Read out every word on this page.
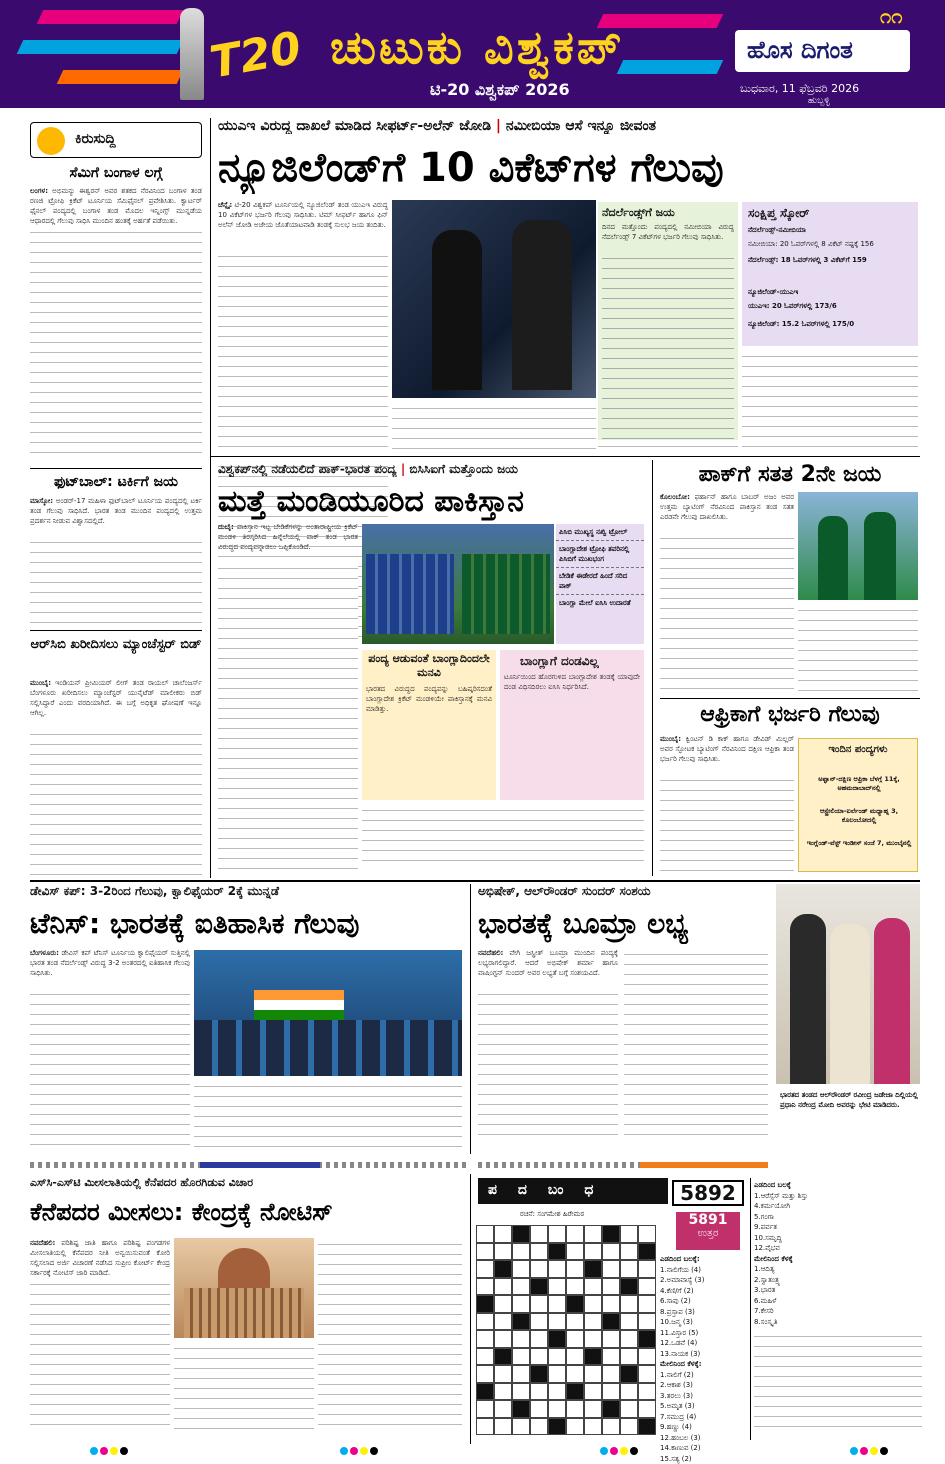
T20 ಚುಟುಕು ವಿಶ್ವಕಪ್
ಟಿ-20 ವಿಶ್ವಕಪ್ 2026
೧೧
ಹೊಸ ದಿಗಂತ
ಬುಧವಾರ, 11 ಫೆಬ್ರವರಿ 2026
ಹುಬ್ಬಳ್ಳಿ
ಕಿರುಸುದ್ದಿ
ಸೆಮಿಗೆ ಬಂಗಾಳ ಲಗ್ಗೆ
ಲಂಗಳ: ಅಭಿಮನ್ಯು ಈಶ್ವರನ್ ಅವರ ಶತಕದ ನೆರವಿನಿಂದ ಬಂಗಾಳ ತಂಡ ರಣಜಿ ಟ್ರೋಫಿ ಕ್ರಿಕೆಟ್ ಟೂರ್ನಿಯ ಸೆಮಿಫೈನಲ್ ಪ್ರವೇಶಿಸಿತು. ಕ್ವಾರ್ಟರ್ ಫೈನಲ್ ಪಂದ್ಯದಲ್ಲಿ ಬಂಗಾಳ ತಂಡ ಮೊದಲ ಇನ್ನಿಂಗ್ಸ್ ಮುನ್ನಡೆಯ ಆಧಾರದಲ್ಲಿ ಗೆಲುವು ಸಾಧಿಸಿ ಮುಂದಿನ ಹಂತಕ್ಕೆ ಅರ್ಹತೆ ಪಡೆಯಿತು.
ಫುಟ್‌ಬಾಲ್: ಟರ್ಕಿಗೆ ಜಯ
ಮಾಸ್ಕೋ: ಅಂಡರ್-17 ಮಹಿಳಾ ಫುಟ್‌ಬಾಲ್ ಟೂರ್ನಿಯ ಪಂದ್ಯದಲ್ಲಿ ಟರ್ಕಿ ತಂಡ ಗೆಲುವು ಸಾಧಿಸಿದೆ. ಭಾರತ ತಂಡ ಮುಂದಿನ ಪಂದ್ಯದಲ್ಲಿ ಉತ್ತಮ ಪ್ರದರ್ಶನ ನೀಡುವ ವಿಶ್ವಾಸದಲ್ಲಿದೆ.
ಆರ್‌ಸಿಬಿ ಖರೀದಿಸಲು ಮ್ಯಾಂಚೆಸ್ಟರ್ ಬಿಡ್
ಮುಂಬೈ: ಇಂಡಿಯನ್ ಪ್ರೀಮಿಯರ್ ಲೀಗ್ ತಂಡ ರಾಯಲ್ ಚಾಲೆಂಜರ್ಸ್ ಬೆಂಗಳೂರು ಖರೀದಿಸಲು ಮ್ಯಾಂಚೆಸ್ಟರ್ ಯುನೈಟೆಡ್ ಮಾಲೀಕರು ಬಿಡ್ ಸಲ್ಲಿಸಿದ್ದಾರೆ ಎಂದು ವರದಿಯಾಗಿದೆ. ಈ ಬಗ್ಗೆ ಅಧಿಕೃತ ಘೋಷಣೆ ಇನ್ನೂ ಆಗಿಲ್ಲ.
ಯುಎಇ ವಿರುದ್ಧ ದಾಖಲೆ ಮಾಡಿದ ಸೀಫರ್ಟ್-ಅಲೆನ್ ಜೋಡಿ | ನಮೀಬಿಯಾ ಆಸೆ ಇನ್ನೂ ಜೀವಂತ
ನ್ಯೂಜಿಲೆಂಡ್‌ಗೆ 10 ವಿಕೆಟ್‌ಗಳ ಗೆಲುವು
ಚೆನ್ನೈ: ಟಿ-20 ವಿಶ್ವಕಪ್ ಟೂರ್ನಿಯಲ್ಲಿ ನ್ಯೂಜಿಲೆಂಡ್ ತಂಡ ಯುಎಇ ವಿರುದ್ಧ 10 ವಿಕೆಟ್‌ಗಳ ಭರ್ಜರಿ ಗೆಲುವು ಸಾಧಿಸಿತು. ಟಿಮ್ ಸೀಫರ್ಟ್ ಹಾಗೂ ಫಿನ್ ಅಲೆನ್ ಜೋಡಿ ಅಜೇಯ ಜೊತೆಯಾಟವಾಡಿ ತಂಡಕ್ಕೆ ಸುಲಭ ಜಯ ತಂದಿತು.
ನೆದರ್ಲೆಂಡ್ಸ್‌ಗೆ ಜಯ
ದಿನದ ಮತ್ತೊಂದು ಪಂದ್ಯದಲ್ಲಿ ನಮೀಬಿಯಾ ವಿರುದ್ಧ ನೆದರ್ಲೆಂಡ್ಸ್ 7 ವಿಕೆಟ್‌ಗಳ ಭರ್ಜರಿ ಗೆಲುವು ಸಾಧಿಸಿತು.
ಸಂಕ್ಷಿಪ್ತ ಸ್ಕೋರ್
ನೆದರ್ಲೆಂಡ್ಸ್-ನಮೀಬಿಯಾ
ನಮೀಬಿಯಾ: 20 ಓವರ್‌ಗಳಲ್ಲಿ 8 ವಿಕೆಟ್ ನಷ್ಟಕ್ಕೆ 156
ನೆದರ್ಲೆಂಡ್ಸ್: 18 ಓವರ್‌ಗಳಲ್ಲಿ 3 ವಿಕೆಟ್‌ಗೆ 159
ನ್ಯೂಜಿಲೆಂಡ್-ಯುಎಇ
ಯುಎಇ: 20 ಓವರ್‌ಗಳಲ್ಲಿ 173/6
ನ್ಯೂಜಿಲೆಂಡ್: 15.2 ಓವರ್‌ಗಳಲ್ಲಿ 175/0
ವಿಶ್ವಕಪ್‌ನಲ್ಲಿ ನಡೆಯಲಿದೆ ಪಾಕ್-ಭಾರತ ಪಂದ್ಯ | ಬಿಸಿಸಿಐಗೆ ಮತ್ತೊಂದು ಜಯ
ಮತ್ತೆ ಮಂಡಿಯೂರಿದ ಪಾಕಿಸ್ತಾನ
ದುಬೈ: ಪಾಕಿಸ್ತಾನ ಇಟ್ಟ ಬೇಡಿಕೆಗಳನ್ನು ಅಂತಾರಾಷ್ಟ್ರೀಯ ಕ್ರಿಕೆಟ್ ಮಂಡಳಿ ತಿರಸ್ಕರಿಸಿದ ಹಿನ್ನೆಲೆಯಲ್ಲಿ ಪಾಕ್ ತಂಡ ಭಾರತ ವಿರುದ್ಧದ ಪಂದ್ಯವನ್ನಾಡಲು ಒಪ್ಪಿಕೊಂಡಿದೆ.
ಪಿಸಿಬಿ ಮುಖ್ಯಸ್ಥ ನಖ್ವಿ ಟ್ರೋಲ್
ಬಾಂಗ್ಲಾದೇಶ ಟ್ರೋಫಿ ತವರಿನಲ್ಲಿ ಪಿಸಿಬಿಗೆ ಮುಖಭಂಗ
ಬೇಡಿಕೆ ಈಡೇರದೆ ಹಿಂದೆ ಸರಿದ ಪಾಕ್
ಬಾಂಗ್ಲಾ ಮೇಲೆ ಐಸಿಸಿ ಉದಾರತೆ
ಪಂದ್ಯ ಆಡುವಂತೆ ಬಾಂಗ್ಲಾದಿಂದಲೇ ಮನವಿ
ಭಾರತದ ವಿರುದ್ಧದ ಪಂದ್ಯವನ್ನು ಬಹಿಷ್ಕರಿಸದಂತೆ ಬಾಂಗ್ಲಾದೇಶ ಕ್ರಿಕೆಟ್ ಮಂಡಳಿಯೇ ಪಾಕಿಸ್ತಾನಕ್ಕೆ ಮನವಿ ಮಾಡಿತ್ತು.
ಬಾಂಗ್ಲಾಗೆ ದಂಡವಿಲ್ಲ
ಟೂರ್ನಿಯಿಂದ ಹೊರಗುಳಿದ ಬಾಂಗ್ಲಾದೇಶ ತಂಡಕ್ಕೆ ಯಾವುದೇ ದಂಡ ವಿಧಿಸದಿರಲು ಐಸಿಸಿ ನಿರ್ಧರಿಸಿದೆ.
ಪಾಕ್‌ಗೆ ಸತತ 2ನೇ ಜಯ
ಕೊಲಂಬೋ: ಫರ್ಹಾನ್ ಹಾಗೂ ಬಾಬರ್ ಅಜಂ ಅವರ ಉತ್ತಮ ಬ್ಯಾಟಿಂಗ್ ನೆರವಿನಿಂದ ಪಾಕಿಸ್ತಾನ ತಂಡ ಸತತ ಎರಡನೇ ಗೆಲುವು ದಾಖಲಿಸಿತು.
ಆಫ್ರಿಕಾಗೆ ಭರ್ಜರಿ ಗೆಲುವು
ಮುಂಬೈ: ಕ್ವಿಂಟನ್ ಡಿ ಕಾಕ್ ಹಾಗೂ ಡೇವಿಡ್ ಮಿಲ್ಲರ್ ಅವರ ಸ್ಫೋಟಕ ಬ್ಯಾಟಿಂಗ್ ನೆರವಿನಿಂದ ದಕ್ಷಿಣ ಆಫ್ರಿಕಾ ತಂಡ ಭರ್ಜರಿ ಗೆಲುವು ಸಾಧಿಸಿತು.
ಇಂದಿನ ಪಂದ್ಯಗಳು
ಅಫ್ಘಾನ್-ದಕ್ಷಿಣ ಆಫ್ರಿಕಾ ಬೆಳಗ್ಗೆ 11ಕ್ಕೆ, ಅಹಮದಾಬಾದ್‌ನಲ್ಲಿ
ಆಸ್ಟ್ರೇಲಿಯಾ-ಐರ್ಲೆಂಡ್ ಮಧ್ಯಾಹ್ನ 3, ಕೊಲಂಬೋದಲ್ಲಿ
ಇಂಗ್ಲೆಂಡ್-ವೆಸ್ಟ್ ಇಂಡೀಸ್ ಸಂಜೆ 7, ಮುಂಬೈನಲ್ಲಿ
ಡೇವಿಸ್ ಕಪ್: 3-2ರಿಂದ ಗೆಲುವು, ಕ್ವಾಲಿಫೈಯರ್ 2ಕ್ಕೆ ಮುನ್ನಡೆ
ಟೆನಿಸ್: ಭಾರತಕ್ಕೆ ಐತಿಹಾಸಿಕ ಗೆಲುವು
ಬೆಂಗಳೂರು: ಡೇವಿಸ್ ಕಪ್ ಟೆನಿಸ್ ಟೂರ್ನಿಯ ಕ್ವಾಲಿಫೈಯರ್ ಸುತ್ತಿನಲ್ಲಿ ಭಾರತ ತಂಡ ನೆದರ್ಲೆಂಡ್ಸ್ ವಿರುದ್ಧ 3-2 ಅಂತರದಲ್ಲಿ ಐತಿಹಾಸಿಕ ಗೆಲುವು ಸಾಧಿಸಿತು.
ಅಭಿಷೇಕ್, ಆಲ್‌ರೌಂಡರ್ ಸುಂದರ್ ಸಂಶಯ
ಭಾರತಕ್ಕೆ ಬೂಮ್ರಾ ಲಭ್ಯ
ನವದೆಹಲಿ: ವೇಗಿ ಜಸ್ಪ್ರೀತ್ ಬೂಮ್ರಾ ಮುಂದಿನ ಪಂದ್ಯಕ್ಕೆ ಲಭ್ಯರಾಗಲಿದ್ದಾರೆ. ಆದರೆ ಅಭಿಷೇಕ್ ಶರ್ಮಾ ಹಾಗೂ ವಾಷಿಂಗ್ಟನ್ ಸುಂದರ್ ಅವರ ಲಭ್ಯತೆ ಬಗ್ಗೆ ಸಂಶಯವಿದೆ.
ಭಾರತದ ತಂಡದ ಆಲ್‌ರೌಂಡರ್ ರವೀಂದ್ರ ಜಡೇಜಾ ದಿಲ್ಲಿಯಲ್ಲಿ ಪ್ರಧಾನಿ ನರೇಂದ್ರ ಮೋದಿ ಅವರನ್ನು ಭೇಟಿ ಮಾಡಿದರು.
ಎಸ್‌ಸಿ-ಎಸ್‌ಟಿ ಮೀಸಲಾತಿಯಲ್ಲಿ ಕೆನೆಪದರ ಹೊರಗಿಡುವ ವಿಚಾರ
ಕೆನೆಪದರ ಮೀಸಲು: ಕೇಂದ್ರಕ್ಕೆ ನೋಟಿಸ್
ನವದೆಹಲಿ: ಪರಿಶಿಷ್ಟ ಜಾತಿ ಹಾಗೂ ಪರಿಶಿಷ್ಟ ಪಂಗಡಗಳ ಮೀಸಲಾತಿಯಲ್ಲಿ ಕೆನೆಪದರ ನೀತಿ ಅನ್ವಯಿಸುವಂತೆ ಕೋರಿ ಸಲ್ಲಿಸಲಾದ ಅರ್ಜಿ ವಿಚಾರಣೆ ನಡೆಸಿದ ಸುಪ್ರೀಂ ಕೋರ್ಟ್ ಕೇಂದ್ರ ಸರ್ಕಾರಕ್ಕೆ ನೋಟಿಸ್ ಜಾರಿ ಮಾಡಿದೆ.
ಪ ದ ಬಂ ಧ	5892
ರಚನೆ: ಸಂಗಮೇಶ ಹಿರೇಮಠ	5891
ಉತ್ತರ
ಎಡದಿಂದ ಬಲಕ್ಕೆ:
1.ನಾಲಿಗೆಯ (4)
2.ಅಮಾವಾಸ್ಯೆ (3)
4.ಕೆಣಿ/ಗೆ (2)
6.ಸಾವು (2)
8.ಪ್ರಸ್ತಾಪ (3)
10.ಜನ್ಮ (3)
11.ವಿಸ್ತಾರ (5)
12.ಒಡವೆ (4)
13.ನಾಯಕ (3)
ಮೇಲಿನಿಂದ ಕೆಳಕ್ಕೆ:
1.ನಾಲಿಗೆ (2)
2.ಆಕಾಶ (3)
3.ತರಲು (3)
5.ಅಮೃತ (3)
7.ಸಮುದ್ರ (4)
9.ಹಣ್ಣು (4)
12.ಹಂಬಲ (3)
14.ಕಾಣುವ (2)
15.ಸತ್ಯ (2)
ಎಡದಿಂದ ಬಲಕ್ಕೆ
1.ಆರೆಸ್ಸೆಸ್ ಮತ್ತು ಶಿಸ್ತು
4.ಕರ್ಮಯೋಗಿ
5.ಗಂಗಾ
9.ಪರ್ವತ
10.ಸಮೃದ್ಧಿ
12.ವೈಭವ
ಮೇಲಿನಿಂದ ಕೆಳಕ್ಕೆ
1.ಆದಿತ್ಯ
2.ಸ್ವಾತಂತ್ರ್ಯ
3.ಭಾರತ
6.ಮಹಿಳೆ
7.ಕೇಸರಿ
8.ಸಂಸ್ಕೃತಿ
